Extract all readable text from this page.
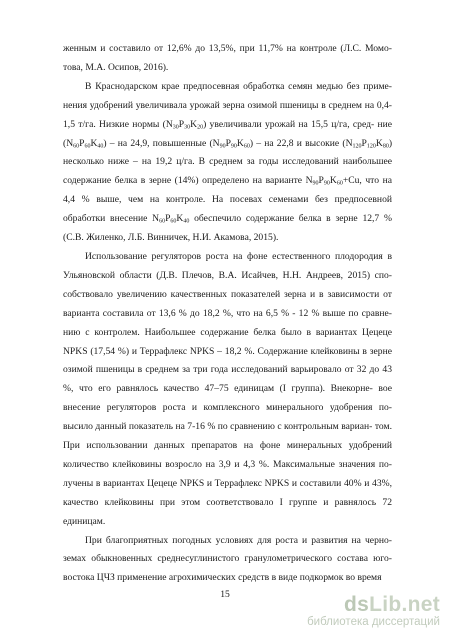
женным и составило от 12,6% до 13,5%, при 11,7% на контроле (Л.С. Момо- това, М.А. Осипов, 2016).

В Краснодарском крае предпосевная обработка семян медью без приме- нения удобрений увеличивала урожай зерна озимой пшеницы в среднем на 0,4-1,5 т/га. Низкие нормы $(N_{30}P_{30}K_{20})$ увеличивали урожай на 15,5 ц/га, сред- ние $(N_{60}P_{60}K_{40})$ – на 24,9, повышенные $(N_{90}P_{90}K_{60})$ – на 22,8 и высокие $(N_{120}P_{120}K_{80})$ несколько ниже – на 19,2 ц/га. В среднем за годы исследований наибольшее содержание белка в зерне (14%) определено на варианте $N_{90}P_{90}K_{60}+Cu$, что на 4,4 % выше, чем на контроле. На посевах семенами без предпосевной обработки внесение $N_{60}P_{60}K_{40}$ обеспечило содержание белка в зерне 12,7 % (С.В. Жиленко, Л.Б. Винничек, Н.И. Акамова, 2015).

Использование регуляторов роста на фоне естественного плодородия в Ульяновской области (Д.В. Плечов, В.А. Исайчев, Н.Н. Андреев, 2015) спо- собствовало увеличению качественных показателей зерна и в зависимости от варианта составила от 13,6 % до 18,2 %, что на 6,5 % - 12 % выше по сравне- нию с контролем. Наибольшее содержание белка было в вариантах Цецеце NPKS (17,54 %) и Террафлекс NPKS – 18,2 %. Содержание клейковины в зерне озимой пшеницы в среднем за три года исследований варьировало от 32 до 43 %, что его равнялось качество 47–75 единицам (I группа). Внекорне- вое внесение регуляторов роста и комплексного минерального удобрения по- высило данный показатель на 7-16 % по сравнению с контрольным вариан- том. При использовании данных препаратов на фоне минеральных удобрений количество клейковины возросло на 3,9 и 4,3 %. Максимальные значения по- лучены в вариантах Цецеце NPKS и Террафлекс NPKS и составили 40% и 43%, качество клейковины при этом соответствовало I группе и равнялось 72 единицам.

При благоприятных погодных условиях для роста и развития на черно- земах обыкновенных среднесуглинистого гранулометрического состава юго- востока ЦЧЗ применение агрохимических средств в виде подкормок во время

15	dsLib.net
библиотека диссертаций
